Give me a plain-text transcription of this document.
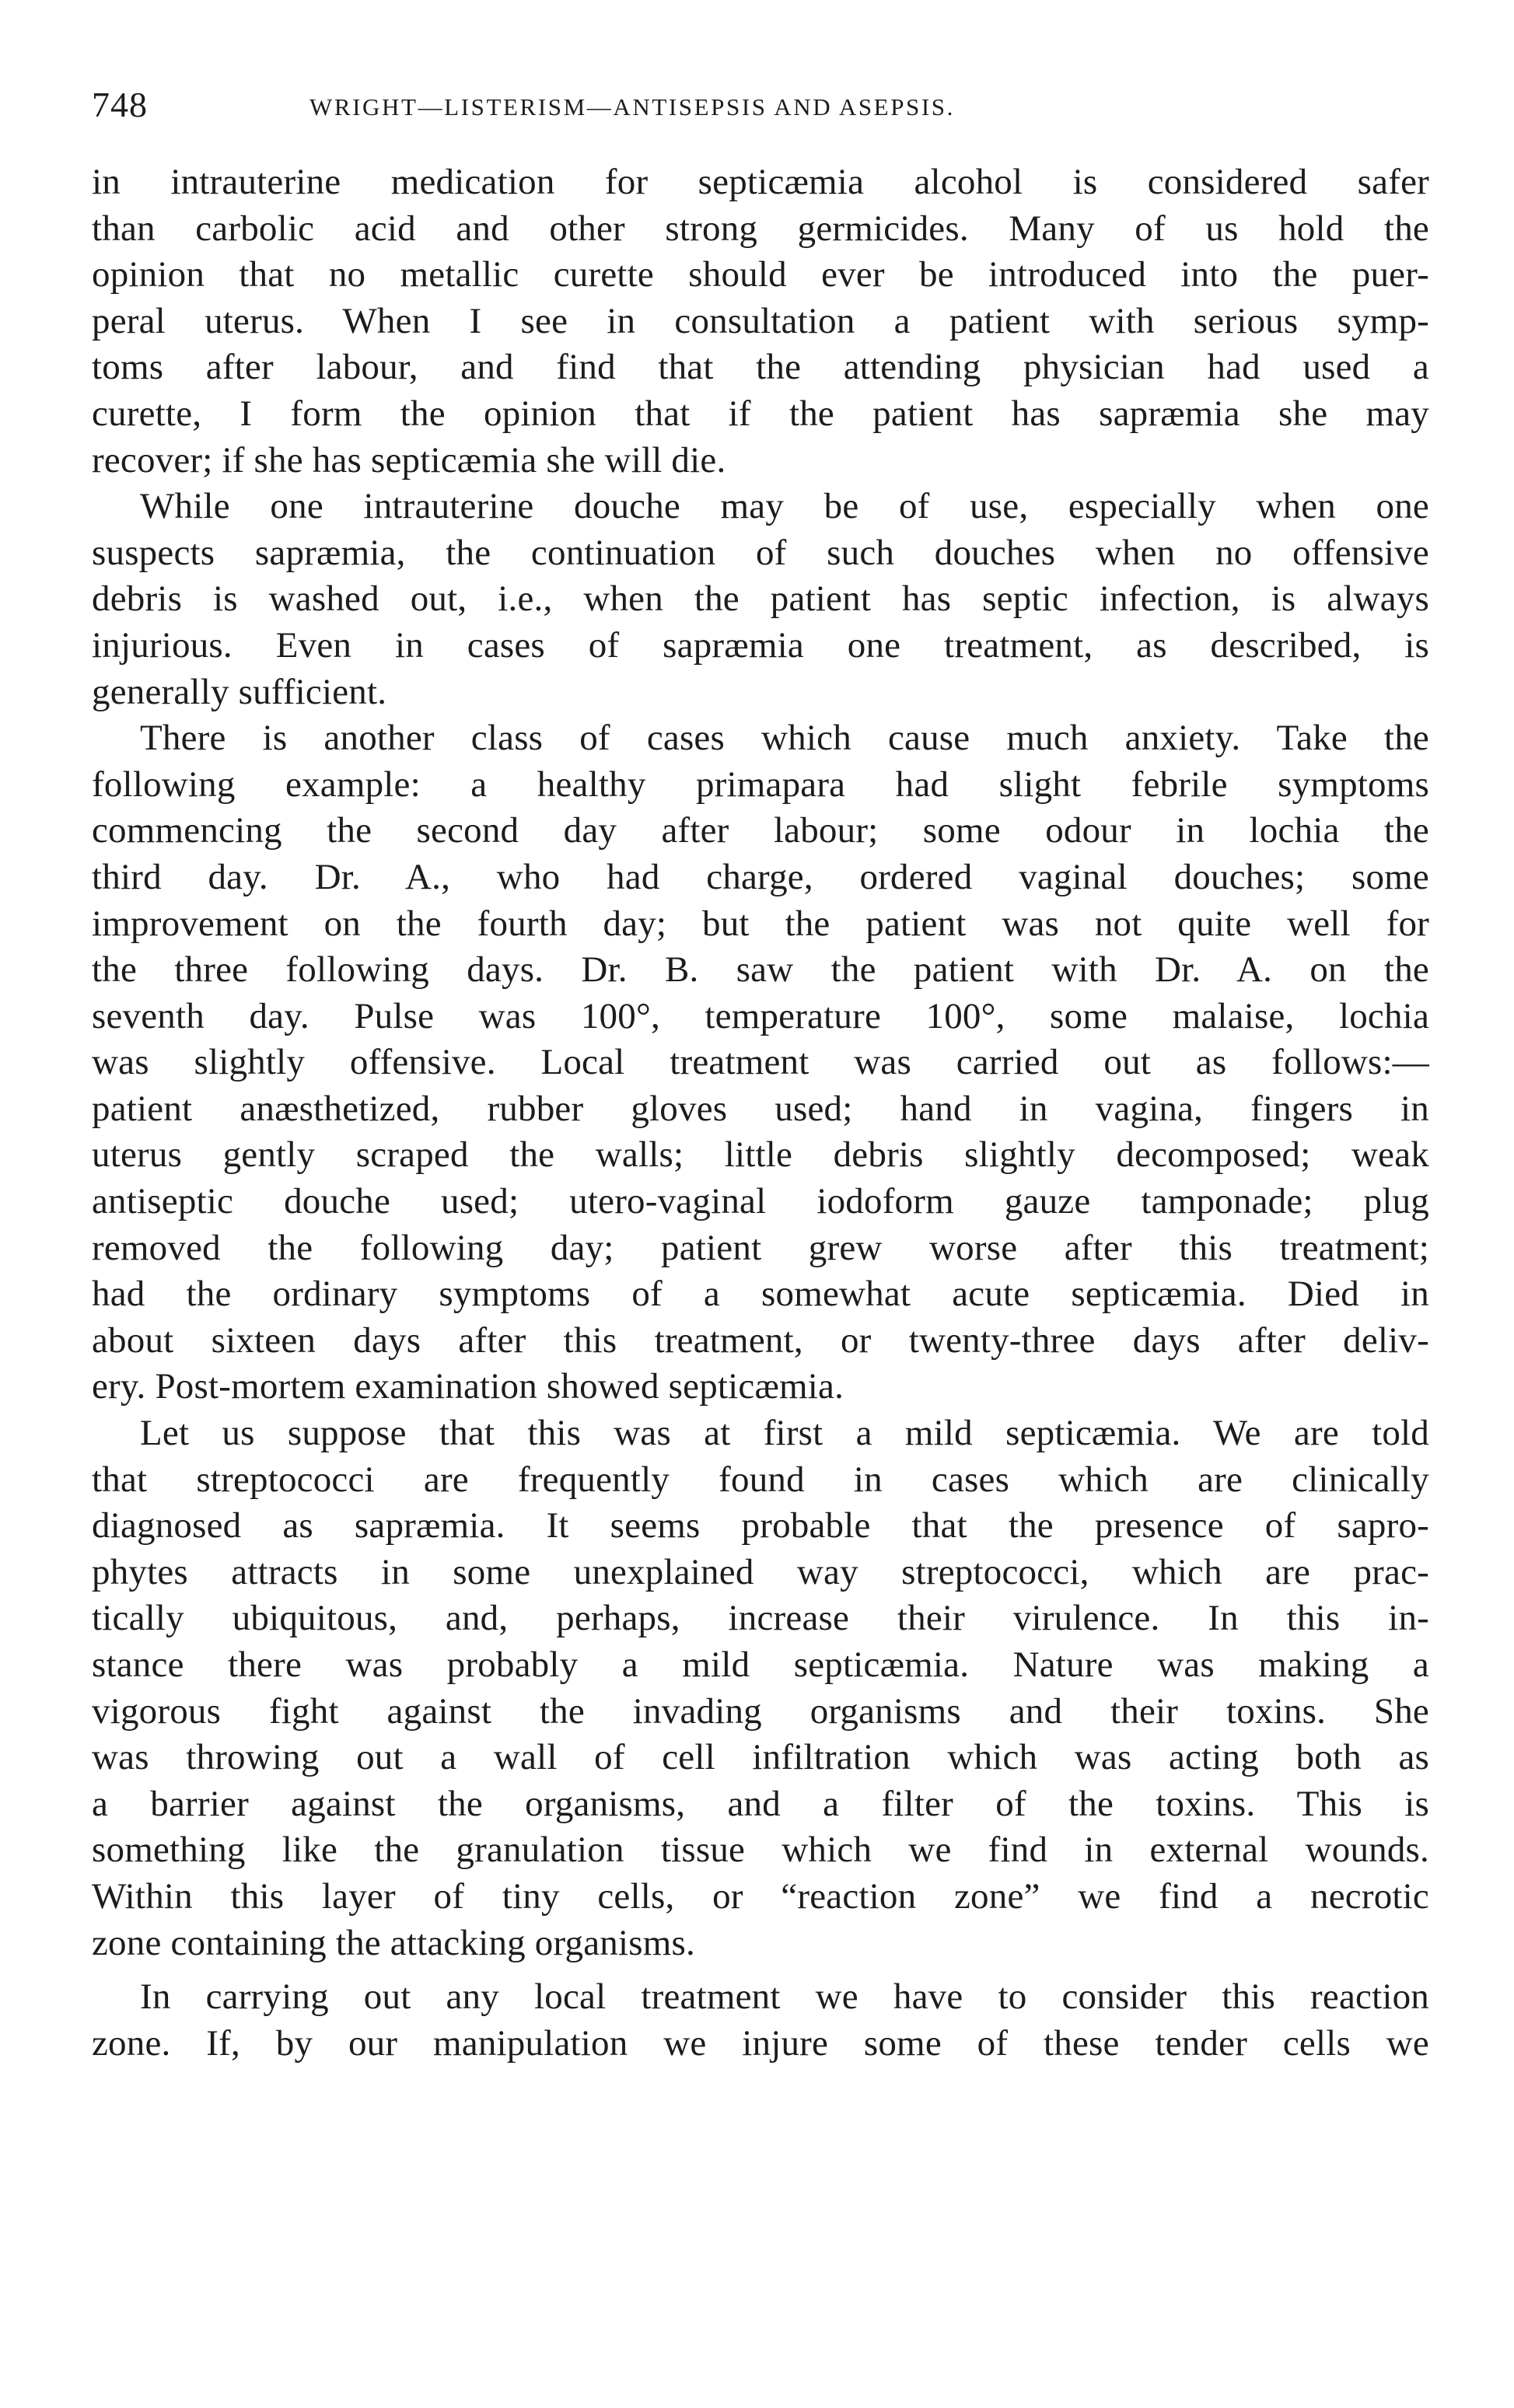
748	WRIGHT—LISTERISM—ANTISEPSIS AND ASEPSIS.
in intrauterine medication for septicæmia alcohol is considered safer
than carbolic acid and other strong germicides. Many of us hold the
opinion that no metallic curette should ever be introduced into the puer-
peral uterus. When I see in consultation a patient with serious symp-
toms after labour, and find that the attending physician had used a
curette, I form the opinion that if the patient has sapræmia she may
recover; if she has septicæmia she will die.
While one intrauterine douche may be of use, especially when one
suspects sapræmia, the continuation of such douches when no offensive
debris is washed out, i.e., when the patient has septic infection, is always
injurious. Even in cases of sapræmia one treatment, as described, is
generally sufficient.
There is another class of cases which cause much anxiety. Take the
following example: a healthy primapara had slight febrile symptoms
commencing the second day after labour; some odour in lochia the
third day. Dr. A., who had charge, ordered vaginal douches; some
improvement on the fourth day; but the patient was not quite well for
the three following days. Dr. B. saw the patient with Dr. A. on the
seventh day. Pulse was 100°, temperature 100°, some malaise, lochia
was slightly offensive. Local treatment was carried out as follows:—
patient anæsthetized, rubber gloves used; hand in vagina, fingers in
uterus gently scraped the walls; little debris slightly decomposed; weak
antiseptic douche used; utero-vaginal iodoform gauze tamponade; plug
removed the following day; patient grew worse after this treatment;
had the ordinary symptoms of a somewhat acute septicæmia. Died in
about sixteen days after this treatment, or twenty-three days after deliv-
ery. Post-mortem examination showed septicæmia.
Let us suppose that this was at first a mild septicæmia. We are told
that streptococci are frequently found in cases which are clinically
diagnosed as sapræmia. It seems probable that the presence of sapro-
phytes attracts in some unexplained way streptococci, which are prac-
tically ubiquitous, and, perhaps, increase their virulence. In this in-
stance there was probably a mild septicæmia. Nature was making a
vigorous fight against the invading organisms and their toxins. She
was throwing out a wall of cell infiltration which was acting both as
a barrier against the organisms, and a filter of the toxins. This is
something like the granulation tissue which we find in external wounds.
Within this layer of tiny cells, or “reaction zone” we find a necrotic
zone containing the attacking organisms.
In carrying out any local treatment we have to consider this reaction
zone. If, by our manipulation we injure some of these tender cells we
